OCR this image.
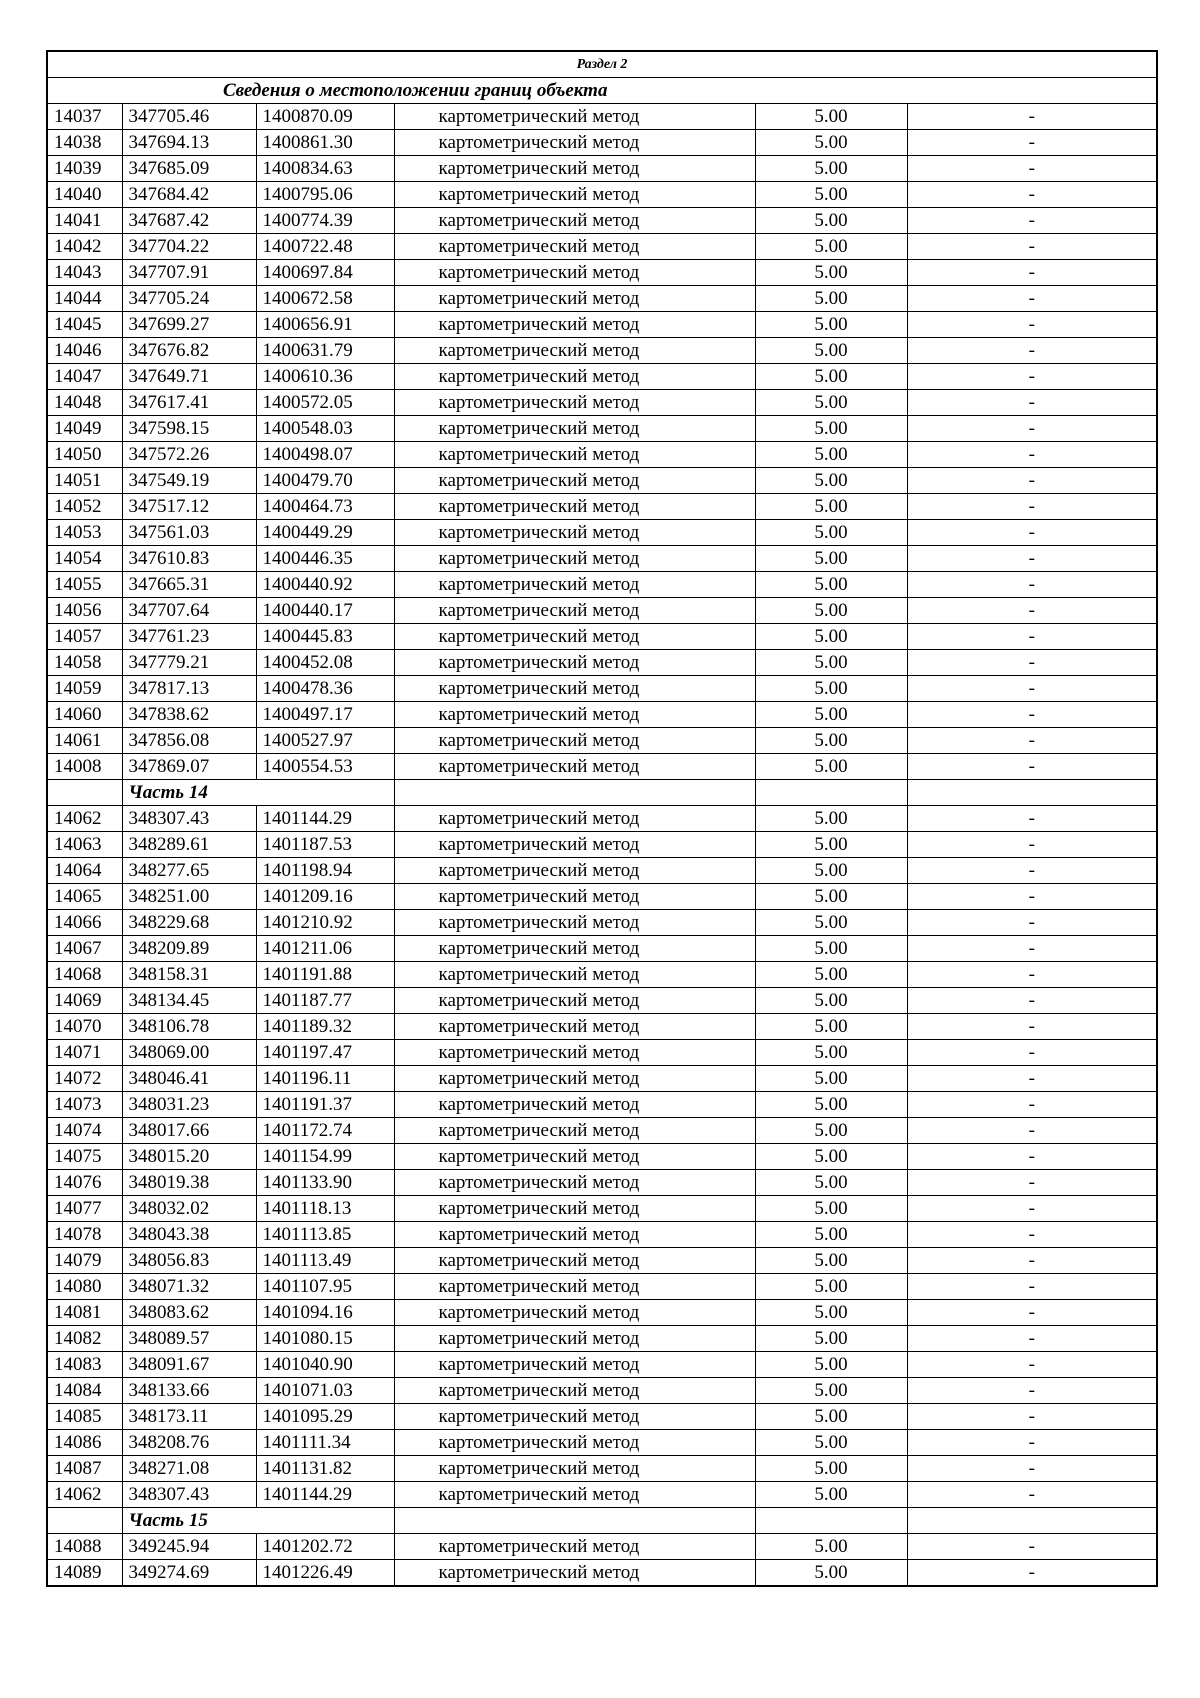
Раздел 2					
Сведения о местоположении границ объекта					
14037	347705.46	1400870.09	картометрический метод	5.00	-
14038	347694.13	1400861.30	картометрический метод	5.00	-
14039	347685.09	1400834.63	картометрический метод	5.00	-
14040	347684.42	1400795.06	картометрический метод	5.00	-
14041	347687.42	1400774.39	картометрический метод	5.00	-
14042	347704.22	1400722.48	картометрический метод	5.00	-
14043	347707.91	1400697.84	картометрический метод	5.00	-
14044	347705.24	1400672.58	картометрический метод	5.00	-
14045	347699.27	1400656.91	картометрический метод	5.00	-
14046	347676.82	1400631.79	картометрический метод	5.00	-
14047	347649.71	1400610.36	картометрический метод	5.00	-
14048	347617.41	1400572.05	картометрический метод	5.00	-
14049	347598.15	1400548.03	картометрический метод	5.00	-
14050	347572.26	1400498.07	картометрический метод	5.00	-
14051	347549.19	1400479.70	картометрический метод	5.00	-
14052	347517.12	1400464.73	картометрический метод	5.00	-
14053	347561.03	1400449.29	картометрический метод	5.00	-
14054	347610.83	1400446.35	картометрический метод	5.00	-
14055	347665.31	1400440.92	картометрический метод	5.00	-
14056	347707.64	1400440.17	картометрический метод	5.00	-
14057	347761.23	1400445.83	картометрический метод	5.00	-
14058	347779.21	1400452.08	картометрический метод	5.00	-
14059	347817.13	1400478.36	картометрический метод	5.00	-
14060	347838.62	1400497.17	картометрический метод	5.00	-
14061	347856.08	1400527.97	картометрический метод	5.00	-
14008	347869.07	1400554.53	картометрический метод	5.00	-
	Часть 14				
14062	348307.43	1401144.29	картометрический метод	5.00	-
14063	348289.61	1401187.53	картометрический метод	5.00	-
14064	348277.65	1401198.94	картометрический метод	5.00	-
14065	348251.00	1401209.16	картометрический метод	5.00	-
14066	348229.68	1401210.92	картометрический метод	5.00	-
14067	348209.89	1401211.06	картометрический метод	5.00	-
14068	348158.31	1401191.88	картометрический метод	5.00	-
14069	348134.45	1401187.77	картометрический метод	5.00	-
14070	348106.78	1401189.32	картометрический метод	5.00	-
14071	348069.00	1401197.47	картометрический метод	5.00	-
14072	348046.41	1401196.11	картометрический метод	5.00	-
14073	348031.23	1401191.37	картометрический метод	5.00	-
14074	348017.66	1401172.74	картометрический метод	5.00	-
14075	348015.20	1401154.99	картометрический метод	5.00	-
14076	348019.38	1401133.90	картометрический метод	5.00	-
14077	348032.02	1401118.13	картометрический метод	5.00	-
14078	348043.38	1401113.85	картометрический метод	5.00	-
14079	348056.83	1401113.49	картометрический метод	5.00	-
14080	348071.32	1401107.95	картометрический метод	5.00	-
14081	348083.62	1401094.16	картометрический метод	5.00	-
14082	348089.57	1401080.15	картометрический метод	5.00	-
14083	348091.67	1401040.90	картометрический метод	5.00	-
14084	348133.66	1401071.03	картометрический метод	5.00	-
14085	348173.11	1401095.29	картометрический метод	5.00	-
14086	348208.76	1401111.34	картометрический метод	5.00	-
14087	348271.08	1401131.82	картометрический метод	5.00	-
14062	348307.43	1401144.29	картометрический метод	5.00	-
	Часть 15				
14088	349245.94	1401202.72	картометрический метод	5.00	-
14089	349274.69	1401226.49	картометрический метод	5.00	-
